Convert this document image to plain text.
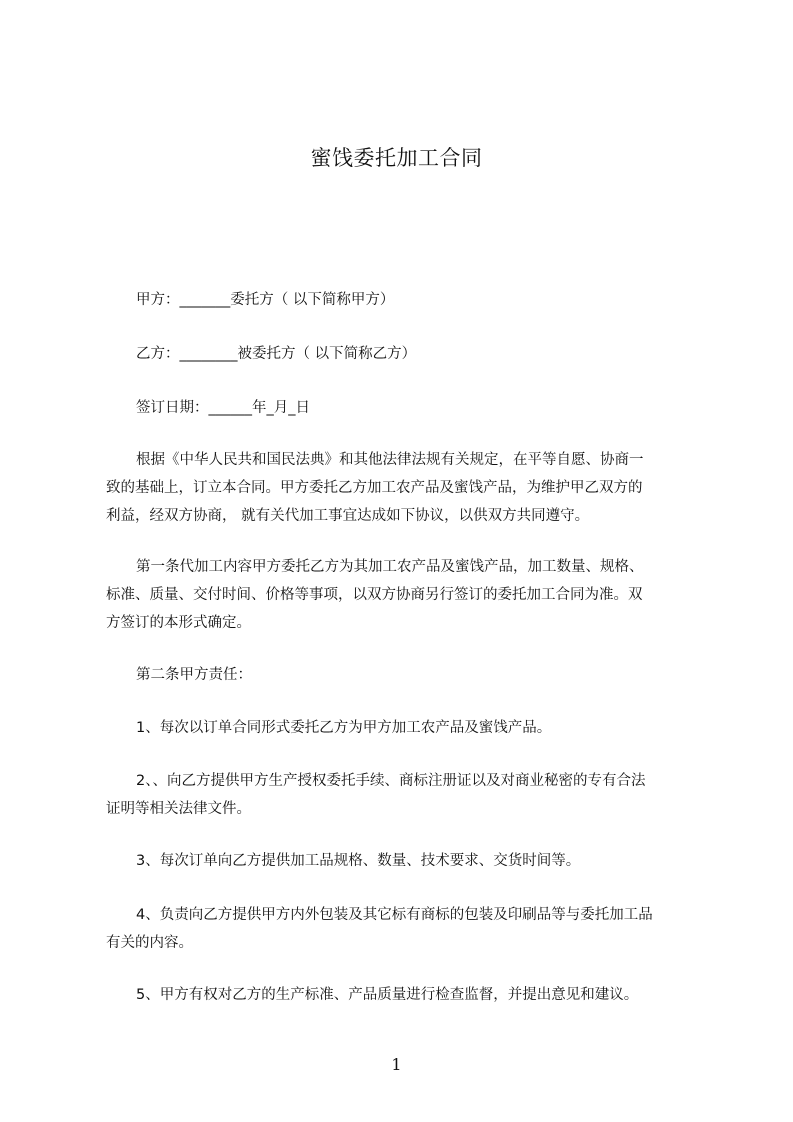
蜜饯委托加工合同
甲方：_______委托方（ 以下简称甲方）
乙方：________被委托方（ 以下简称乙方）
签订日期：______年_月_日
根据《中华人民共和国民法典》和其他法律法规有关规定，在平等自愿、协商一
致的基础上，订立本合同。甲方委托乙方加工农产品及蜜饯产品，为维护甲乙双方的
利益，经双方协商， 就有关代加工事宜达成如下协议，以供双方共同遵守。
第一条代加工内容甲方委托乙方为其加工农产品及蜜饯产品，加工数量、规格、
标准、质量、交付时间、价格等事项，以双方协商另行签订的委托加工合同为准。双
方签订的本形式确定。
第二条甲方责任：
1、每次以订单合同形式委托乙方为甲方加工农产品及蜜饯产品。
2、、向乙方提供甲方生产授权委托手续、商标注册证以及对商业秘密的专有合法
证明等相关法律文件。
3、每次订单向乙方提供加工品规格、数量、技术要求、交货时间等。
4、负责向乙方提供甲方内外包装及其它标有商标的包装及印刷品等与委托加工品
有关的内容。
5、甲方有权对乙方的生产标准、产品质量进行检查监督，并提出意见和建议。
1
